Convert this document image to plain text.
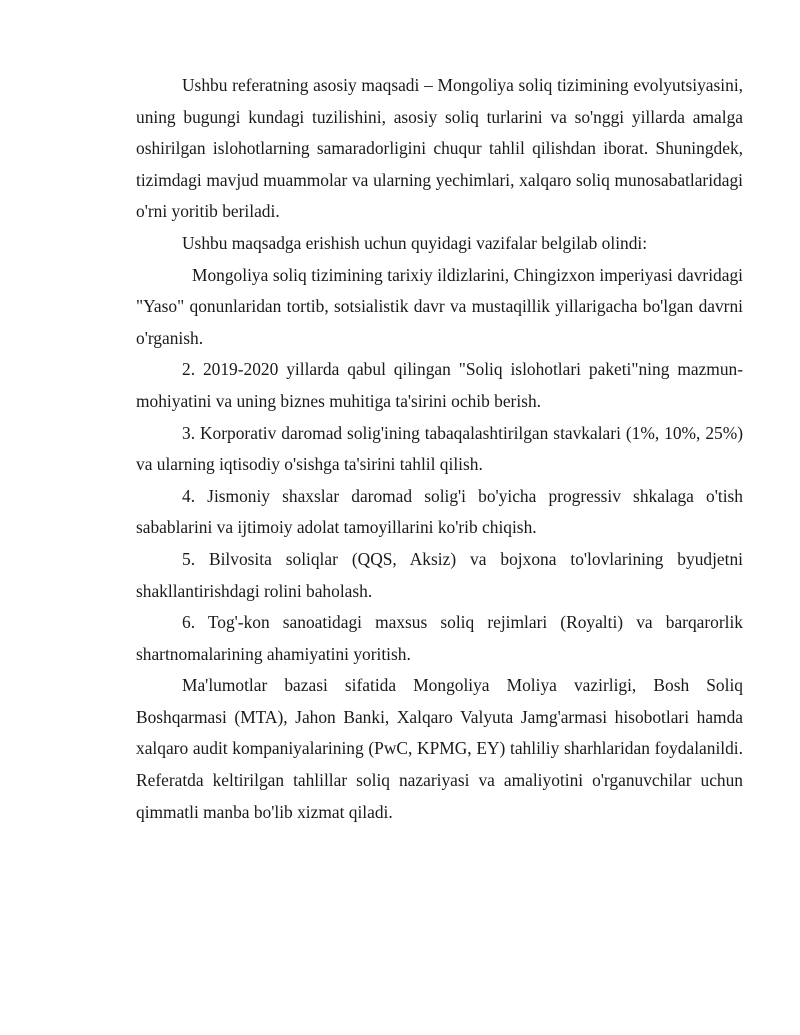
Ushbu referatning asosiy maqsadi – Mongoliya soliq tizimining evolyutsiyasini, uning bugungi kundagi tuzilishini, asosiy soliq turlarini va so'nggi yillarda amalga oshirilgan islohotlarning samaradorligini chuqur tahlil qilishdan iborat. Shuningdek, tizimdagi mavjud muammolar va ularning yechimlari, xalqaro soliq munosabatlaridagi o'rni yoritib beriladi.

Ushbu maqsadga erishish uchun quyidagi vazifalar belgilab olindi:

Mongoliya soliq tizimining tarixiy ildizlarini, Chingizxon imperiyasi davridagi "Yaso" qonunlaridan tortib, sotsialistik davr va mustaqillik yillarigacha bo'lgan davrni o'rganish.

2. 2019-2020 yillarda qabul qilingan "Soliq islohotlari paketi"ning mazmun-mohiyatini va uning biznes muhitiga ta'sirini ochib berish.

3. Korporativ daromad solig'ining tabaqalashtirilgan stavkalari (1%, 10%, 25%) va ularning iqtisodiy o'sishga ta'sirini tahlil qilish.

4. Jismoniy shaxslar daromad solig'i bo'yicha progressiv shkalaga o'tish sabablarini va ijtimoiy adolat tamoyillarini ko'rib chiqish.

5. Bilvosita soliqlar (QQS, Aksiz) va bojxona to'lovlarining byudjetni shakllantirishdagi rolini baholash.

6. Tog'-kon sanoatidagi maxsus soliq rejimlari (Royalti) va barqarorlik shartnomalarining ahamiyatini yoritish.

Ma'lumotlar bazasi sifatida Mongoliya Moliya vazirligi, Bosh Soliq Boshqarmasi (MTA), Jahon Banki, Xalqaro Valyuta Jamg'armasi hisobotlari hamda xalqaro audit kompaniyalarining (PwC, KPMG, EY) tahliliy sharhlaridan foydalanildi. Referatda keltirilgan tahlillar soliq nazariyasi va amaliyotini o'rganuvchilar uchun qimmatli manba bo'lib xizmat qiladi.
